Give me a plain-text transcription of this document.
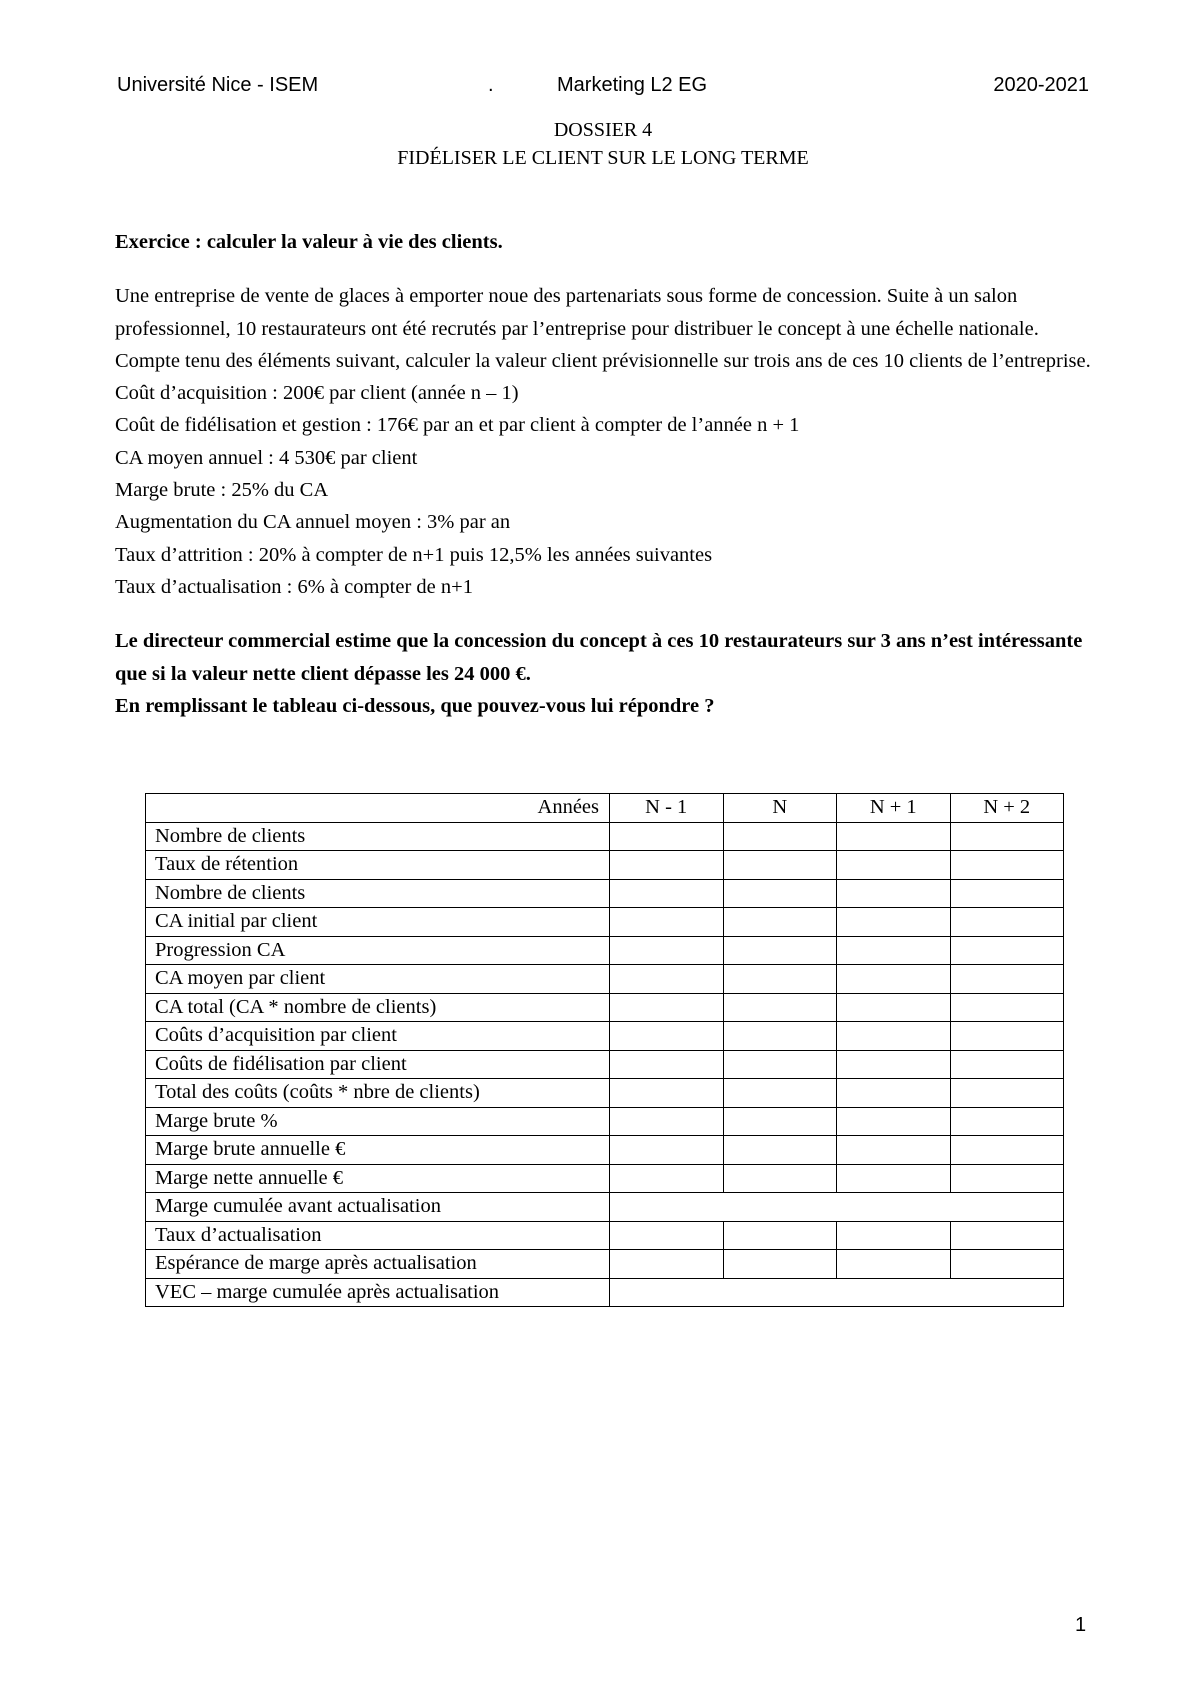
Université Nice - ISEM	.	Marketing L2 EG	2020-2021
DOSSIER 4
FIDÉLISER LE CLIENT SUR LE LONG TERME

Exercice : calculer la valeur à vie des clients.

Une entreprise de vente de glaces à emporter noue des partenariats sous forme de concession. Suite à un salon professionnel, 10 restaurateurs ont été recrutés par l’entreprise pour distribuer le concept à une échelle nationale. Compte tenu des éléments suivant, calculer la valeur client prévisionnelle sur trois ans de ces 10 clients de l’entreprise.

Coût d’acquisition : 200€ par client (année n – 1)
Coût de fidélisation et gestion : 176€ par an et par client à compter de l’année n + 1
CA moyen annuel : 4 530€ par client
Marge brute : 25% du CA
Augmentation du CA annuel moyen : 3% par an
Taux d’attrition : 20% à compter de n+1 puis 12,5% les années suivantes
Taux d’actualisation : 6% à compter de n+1

Le directeur commercial estime que la concession du concept à ces 10 restaurateurs sur 3 ans n’est intéressante que si la valeur nette client dépasse les 24 000 €.

En remplissant le tableau ci-dessous, que pouvez-vous lui répondre ?

Années	N - 1	N	N + 1	N + 2
Nombre de clients				
Taux de rétention				
Nombre de clients				
CA initial par client				
Progression CA				
CA moyen par client				
CA total (CA * nombre de clients)				
Coûts d’acquisition par client				
Coûts de fidélisation par client				
Total des coûts (coûts * nbre de clients)				
Marge brute %				
Marge brute annuelle €				
Marge nette annuelle €				
Marge cumulée avant actualisation				
Taux d’actualisation				
Espérance de marge après actualisation				
VEC – marge cumulée après actualisation				
1
